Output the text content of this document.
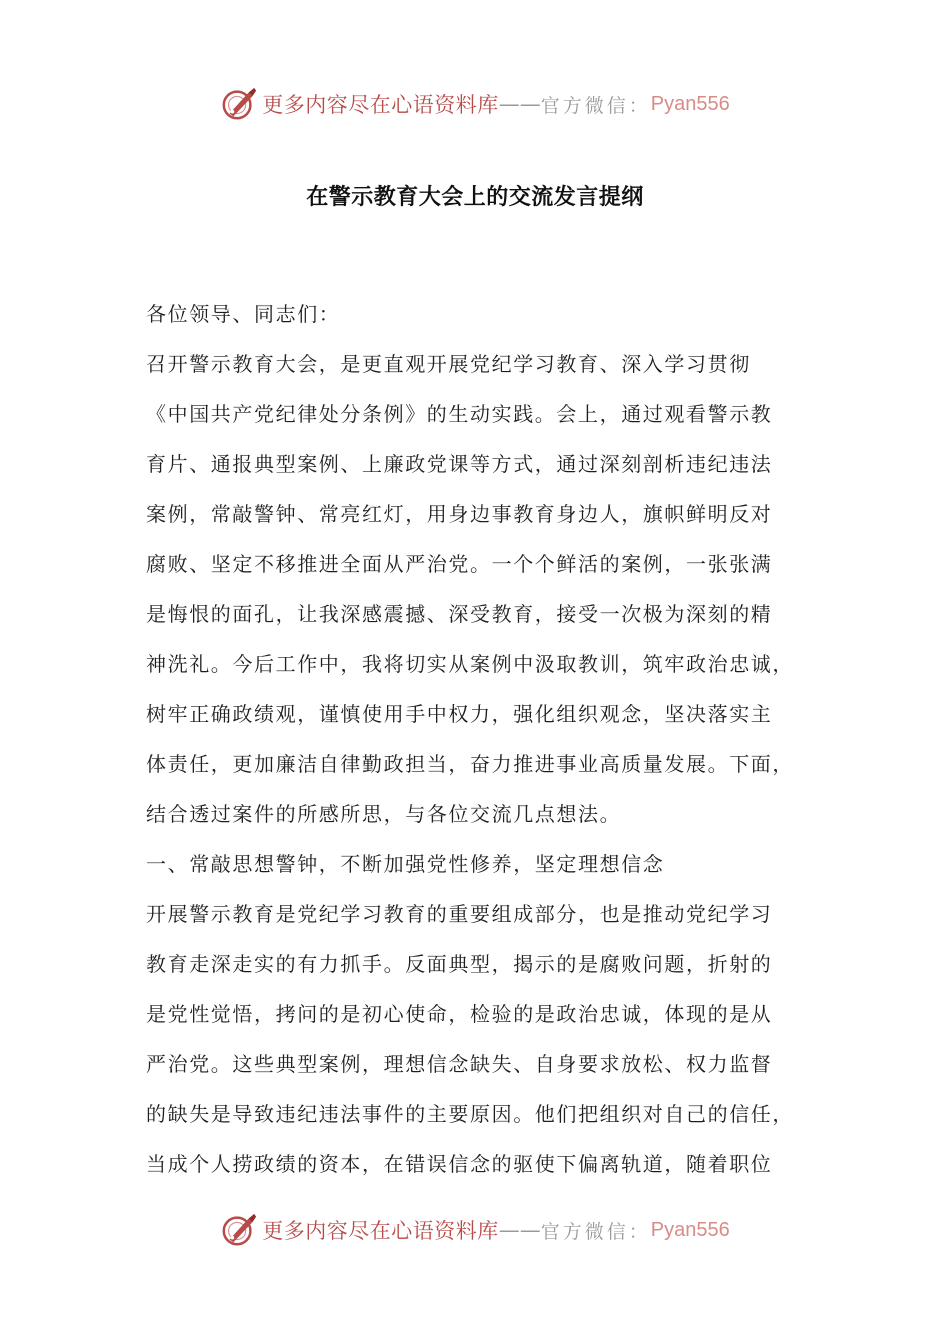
更多内容尽在心语资料库 —— 官方微信： Pyan556
在警示教育大会上的交流发言提纲
各位领导、同志们：
召开警示教育大会，是更直观开展党纪学习教育、深入学习贯彻
《中国共产党纪律处分条例》的生动实践。会上，通过观看警示教
育片、通报典型案例、上廉政党课等方式，通过深刻剖析违纪违法
案例，常敲警钟、常亮红灯，用身边事教育身边人，旗帜鲜明反对
腐败、坚定不移推进全面从严治党。一个个鲜活的案例，一张张满
是悔恨的面孔，让我深感震撼、深受教育，接受一次极为深刻的精
神洗礼。今后工作中，我将切实从案例中汲取教训，筑牢政治忠诚，
树牢正确政绩观，谨慎使用手中权力，强化组织观念，坚决落实主
体责任，更加廉洁自律勤政担当，奋力推进事业高质量发展。下面，
结合透过案件的所感所思，与各位交流几点想法。
一、常敲思想警钟，不断加强党性修养，坚定理想信念
开展警示教育是党纪学习教育的重要组成部分，也是推动党纪学习
教育走深走实的有力抓手。反面典型，揭示的是腐败问题，折射的
是党性觉悟，拷问的是初心使命，检验的是政治忠诚，体现的是从
严治党。这些典型案例，理想信念缺失、自身要求放松、权力监督
的缺失是导致违纪违法事件的主要原因。他们把组织对自己的信任，
当成个人捞政绩的资本，在错误信念的驱使下偏离轨道，随着职位
更多内容尽在心语资料库 —— 官方微信： Pyan556
